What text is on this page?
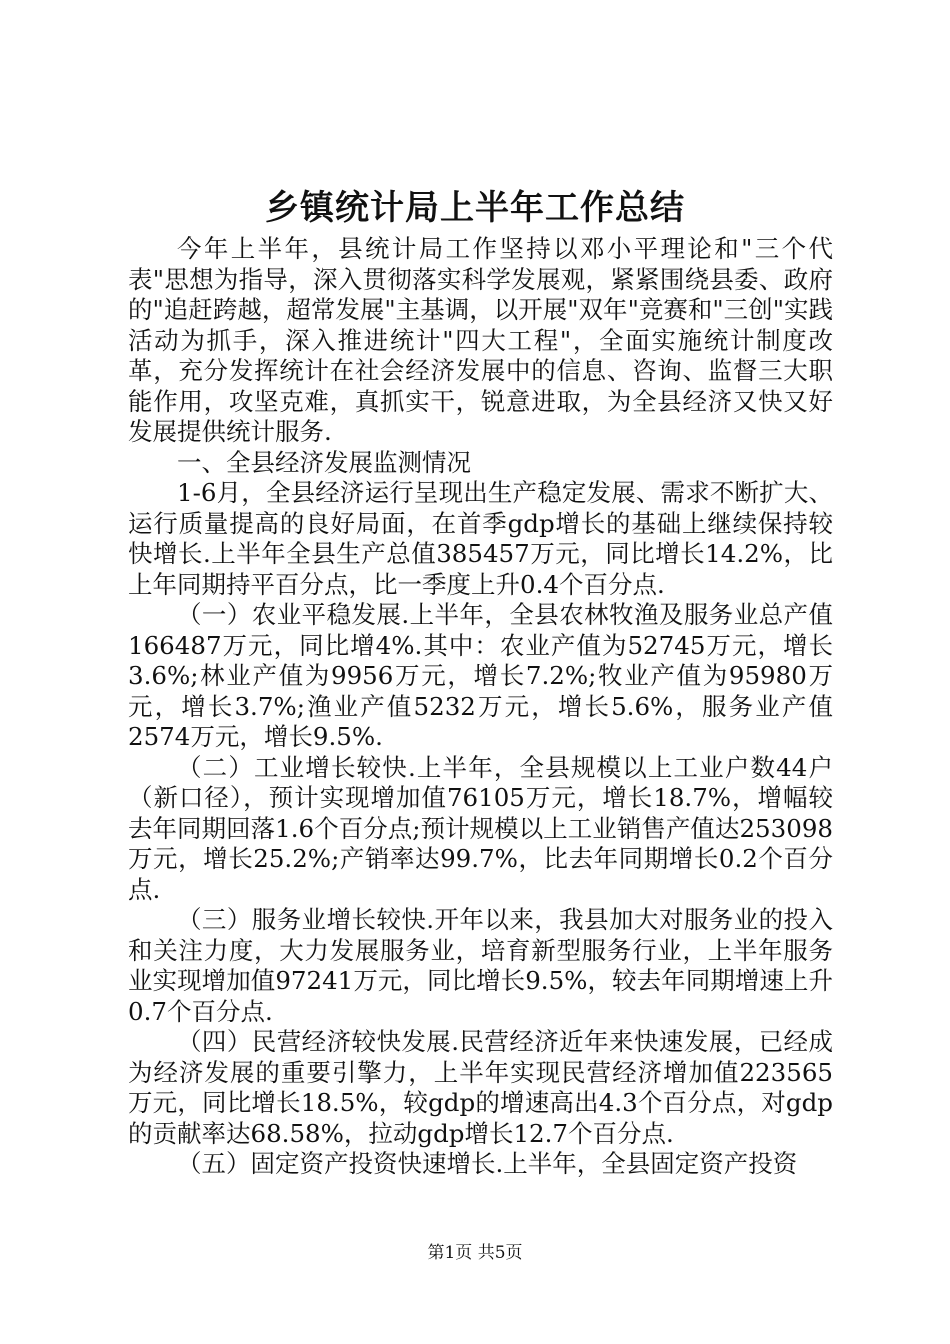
乡镇统计局上半年工作总结

今年上半年，县统计局工作坚持以邓小平理论和"三个代表"思想为指导，深入贯彻落实科学发展观，紧紧围绕县委、政府的"追赶跨越，超常发展"主基调，以开展"双年"竞赛和"三创"实践活动为抓手，深入推进统计"四大工程"，全面实施统计制度改革，充分发挥统计在社会经济发展中的信息、咨询、监督三大职能作用，攻坚克难，真抓实干，锐意进取，为全县经济又快又好发展提供统计服务.

一、全县经济发展监测情况

1-6月，全县经济运行呈现出生产稳定发展、需求不断扩大、运行质量提高的良好局面，在首季gdp增长的基础上继续保持较快增长.上半年全县生产总值385457万元，同比增长14.2%，比上年同期持平百分点，比一季度上升0.4个百分点.

（一）农业平稳发展.上半年，全县农林牧渔及服务业总产值166487万元，同比增4%.其中：农业产值为52745万元，增长3.6%;林业产值为9956万元，增长7.2%;牧业产值为95980万元，增长3.7%;渔业产值5232万元，增长5.6%，服务业产值2574万元，增长9.5%.

（二）工业增长较快.上半年，全县规模以上工业户数44户（新口径），预计实现增加值76105万元，增长18.7%，增幅较去年同期回落1.6个百分点;预计规模以上工业销售产值达253098万元，增长25.2%;产销率达99.7%，比去年同期增长0.2个百分点.

（三）服务业增长较快.开年以来，我县加大对服务业的投入和关注力度，大力发展服务业，培育新型服务行业，上半年服务业实现增加值97241万元，同比增长9.5%，较去年同期增速上升0.7个百分点.

（四）民营经济较快发展.民营经济近年来快速发展，已经成为经济发展的重要引擎力，上半年实现民营经济增加值223565万元，同比增长18.5%，较gdp的增速高出4.3个百分点，对gdp的贡献率达68.58%，拉动gdp增长12.7个百分点.

（五）固定资产投资快速增长.上半年，全县固定资产投资

第1页 共5页
